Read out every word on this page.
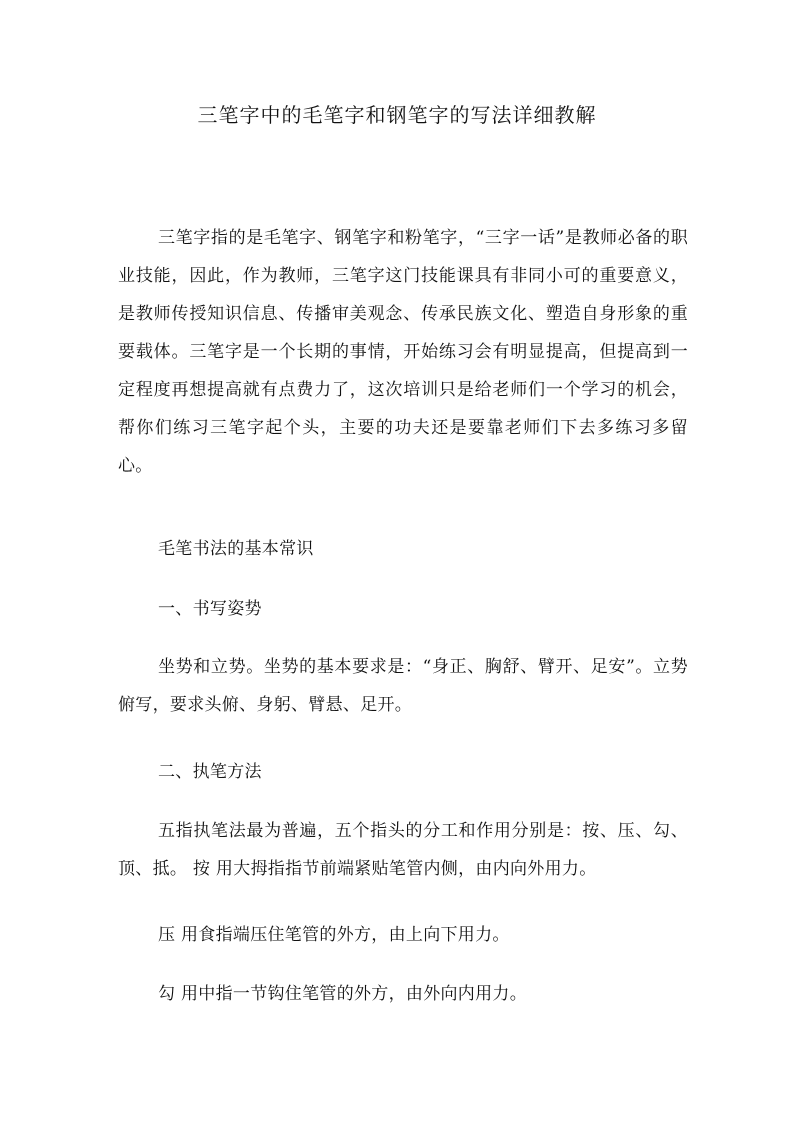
三笔字中的毛笔字和钢笔字的写法详细教解

三笔字指的是毛笔字、钢笔字和粉笔字，“三字一话”是教师必备的职业技能，因此，作为教师，三笔字这门技能课具有非同小可的重要意义，是教师传授知识信息、传播审美观念、传承民族文化、塑造自身形象的重要载体。三笔字是一个长期的事情，开始练习会有明显提高，但提高到一定程度再想提高就有点费力了，这次培训只是给老师们一个学习的机会，帮你们练习三笔字起个头，主要的功夫还是要靠老师们下去多练习多留心。

毛笔书法的基本常识

一、书写姿势

坐势和立势。坐势的基本要求是：“身正、胸舒、臂开、足安”。立势俯写，要求头俯、身躬、臂悬、足开。

二、执笔方法

五指执笔法最为普遍，五个指头的分工和作用分别是：按、压、勾、顶、抵。 按 用大拇指指节前端紧贴笔管内侧，由内向外用力。

压 用食指端压住笔管的外方，由上向下用力。

勾 用中指一节钩住笔管的外方，由外向内用力。
